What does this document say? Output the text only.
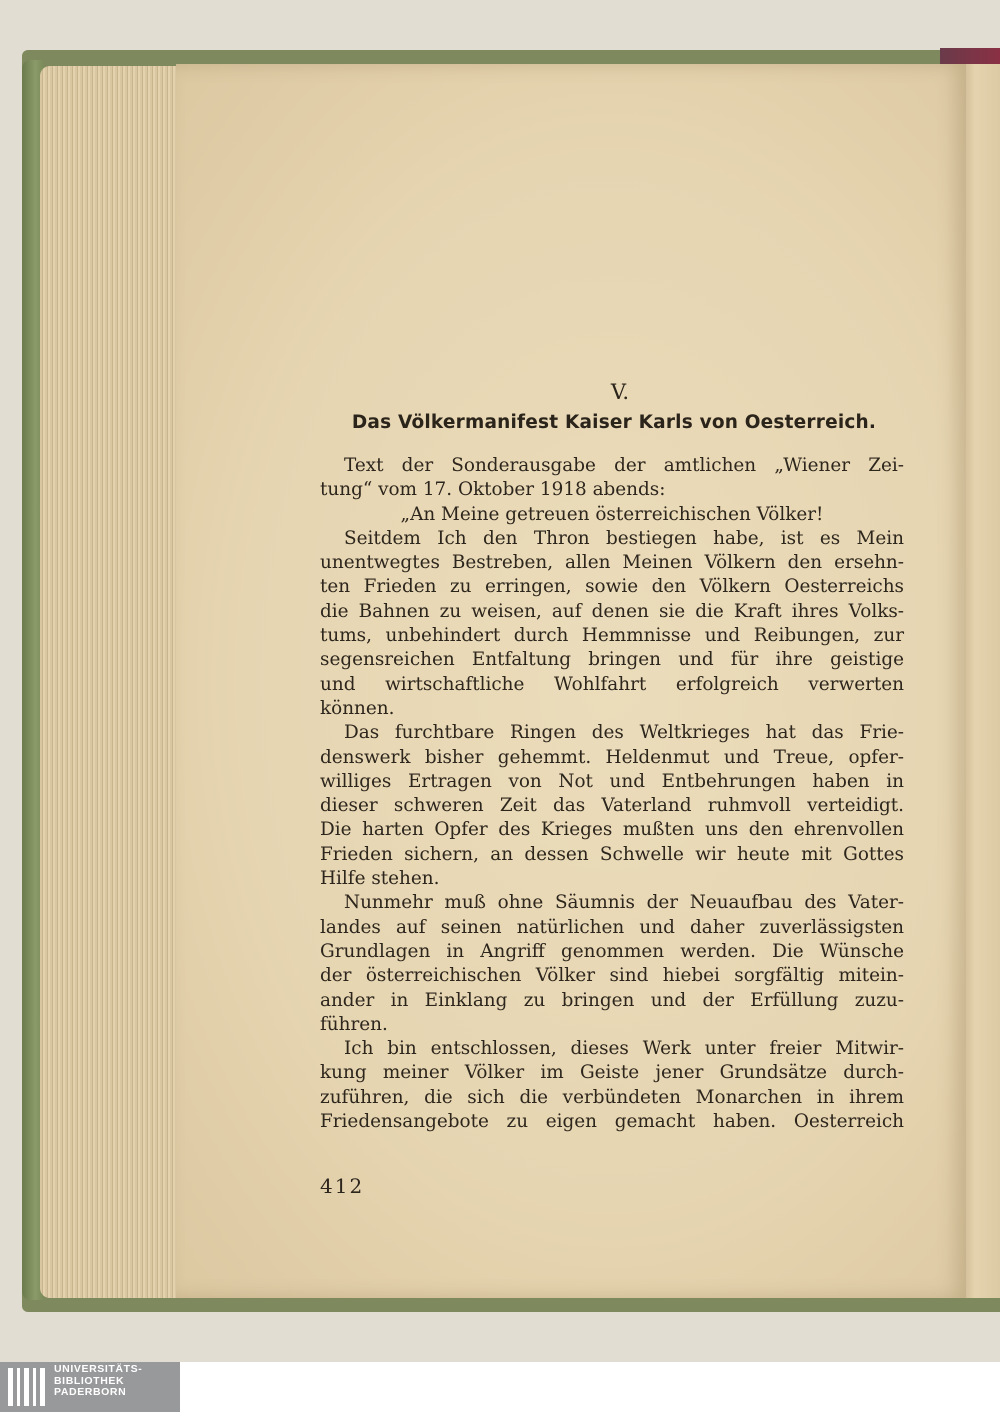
V.
Das Völkermanifest Kaiser Karls von Oesterreich.
Text der Sonderausgabe der amtlichen „Wiener Zei-
tung“ vom 17. Oktober 1918 abends:
„An Meine getreuen österreichischen Völker!
Seitdem Ich den Thron bestiegen habe, ist es Mein
unentwegtes Bestreben, allen Meinen Völkern den ersehn-
ten Frieden zu erringen, sowie den Völkern Oesterreichs
die Bahnen zu weisen, auf denen sie die Kraft ihres Volks-
tums, unbehindert durch Hemmnisse und Reibungen, zur
segensreichen Entfaltung bringen und für ihre geistige
und wirtschaftliche Wohlfahrt erfolgreich verwerten
können.
Das furchtbare Ringen des Weltkrieges hat das Frie-
denswerk bisher gehemmt. Heldenmut und Treue, opfer-
williges Ertragen von Not und Entbehrungen haben in
dieser schweren Zeit das Vaterland ruhmvoll verteidigt.
Die harten Opfer des Krieges mußten uns den ehrenvollen
Frieden sichern, an dessen Schwelle wir heute mit Gottes
Hilfe stehen.
Nunmehr muß ohne Säumnis der Neuaufbau des Vater-
landes auf seinen natürlichen und daher zuverlässigsten
Grundlagen in Angriff genommen werden. Die Wünsche
der österreichischen Völker sind hiebei sorgfältig mitein-
ander in Einklang zu bringen und der Erfüllung zuzu-
führen.
Ich bin entschlossen, dieses Werk unter freier Mitwir-
kung meiner Völker im Geiste jener Grundsätze durch-
zuführen, die sich die verbündeten Monarchen in ihrem
Friedensangebote zu eigen gemacht haben. Oesterreich
412
UNIVERSITÄTS-
BIBLIOTHEK
PADERBORN
